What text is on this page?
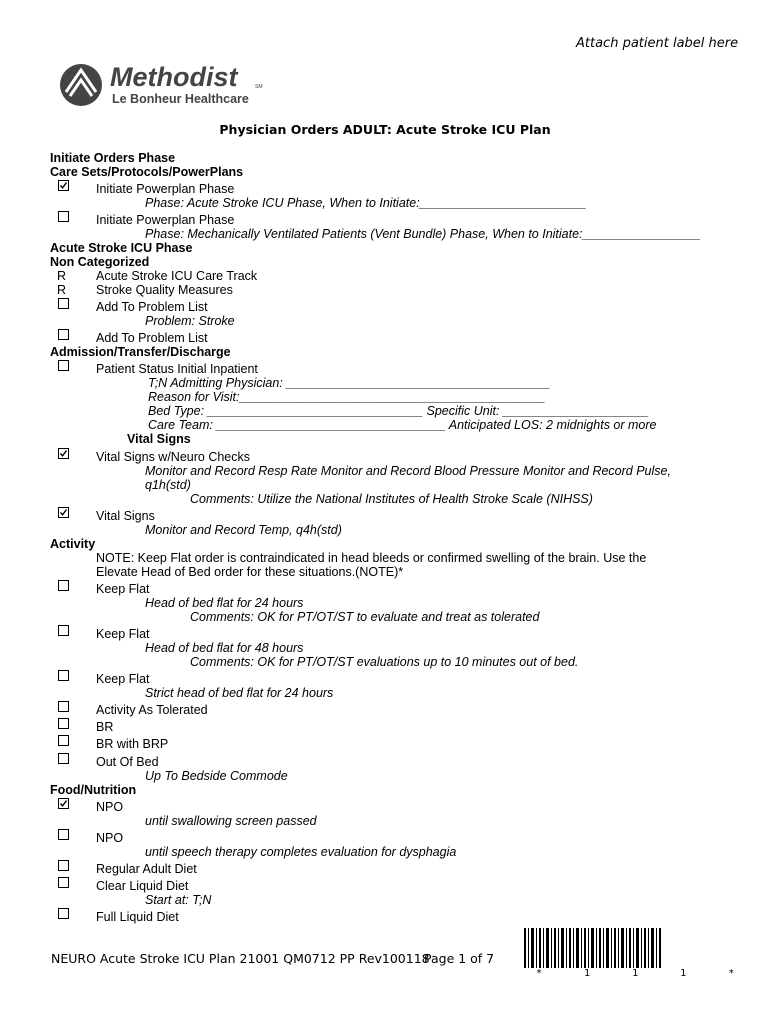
Attach patient label here
Methodist	SM
Le Bonheur Healthcare
Physician Orders ADULT: Acute Stroke ICU Plan
Initiate Orders Phase
Care Sets/Protocols/PowerPlans
Initiate Powerplan Phase
Phase: Acute Stroke ICU Phase, When to Initiate:________________________
Initiate Powerplan Phase
Phase: Mechanically Ventilated Patients (Vent Bundle) Phase, When to Initiate:_________________
Acute Stroke ICU Phase
Non Categorized
R Acute Stroke ICU Care Track
R Stroke Quality Measures
Add To Problem List
Problem: Stroke
Add To Problem List
Admission/Transfer/Discharge
Patient Status Initial Inpatient
T;N Admitting Physician: ______________________________________
Reason for Visit:____________________________________________
Bed Type: _______________________________ Specific Unit: _____________________
Care Team: _________________________________ Anticipated LOS: 2 midnights or more
Vital Signs
Vital Signs w/Neuro Checks
Monitor and Record Resp Rate Monitor and Record Blood Pressure Monitor and Record Pulse,
q1h(std)
Comments: Utilize the National Institutes of Health Stroke Scale (NIHSS)
Vital Signs
Monitor and Record Temp, q4h(std)
Activity
NOTE: Keep Flat order is contraindicated in head bleeds or confirmed swelling of the brain. Use the
Elevate Head of Bed order for these situations.(NOTE)*
Keep Flat
Head of bed flat for 24 hours
Comments: OK for PT/OT/ST to evaluate and treat as tolerated
Keep Flat
Head of bed flat for 48 hours
Comments: OK for PT/OT/ST evaluations up to 10 minutes out of bed.
Keep Flat
Strict head of bed flat for 24 hours
Activity As Tolerated
BR
BR with BRP
Out Of Bed
Up To Bedside Commode
Food/Nutrition
NPO
until swallowing screen passed
NPO
until speech therapy completes evaluation for dysphagia
Regular Adult Diet
Clear Liquid Diet
Start at: T;N
Full Liquid Diet
NEURO Acute Stroke ICU Plan 21001 QM0712 PP Rev100118
Page 1 of 7
*  1  1  1  *
